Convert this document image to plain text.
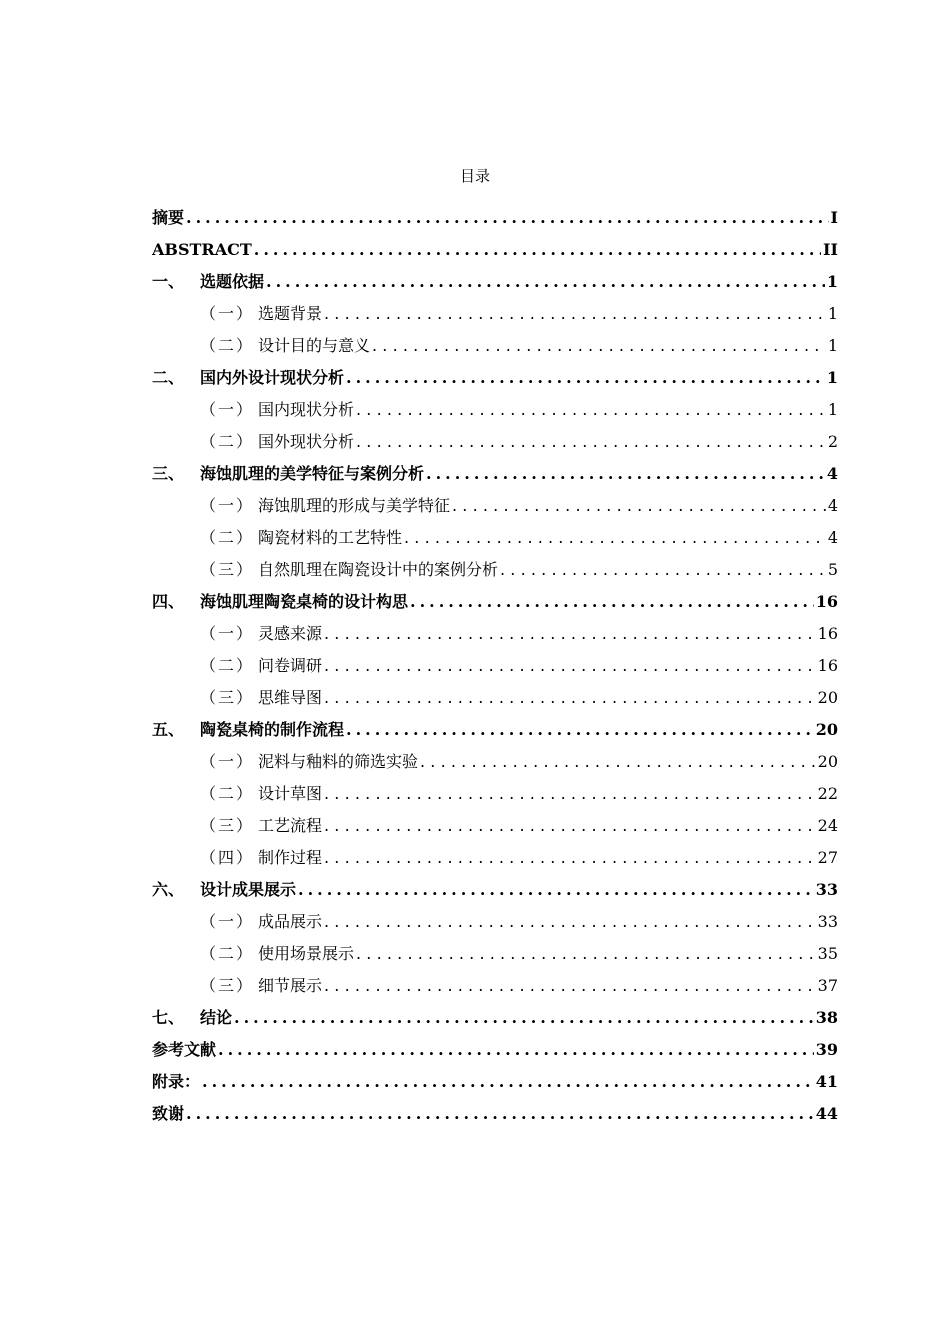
目录
摘要 .....	I
ABSTRACT .....	II
一、 选题依据 .....	1
（一） 选题背景 .....	1
（二） 设计目的与意义 .....	1
二、 国内外设计现状分析 .....	1
（一） 国内现状分析 .....	1
（二） 国外现状分析 .....	2
三、 海蚀肌理的美学特征与案例分析 .....	4
（一） 海蚀肌理的形成与美学特征 .....	4
（二） 陶瓷材料的工艺特性 .....	4
（三） 自然肌理在陶瓷设计中的案例分析 .....	5
四、 海蚀肌理陶瓷桌椅的设计构思 .....	16
（一） 灵感来源 .....	16
（二） 问卷调研 .....	16
（三） 思维导图 .....	20
五、 陶瓷桌椅的制作流程 .....	20
（一） 泥料与釉料的筛选实验 .....	20
（二） 设计草图 .....	22
（三） 工艺流程 .....	24
（四） 制作过程 .....	27
六、 设计成果展示 .....	33
（一） 成品展示 .....	33
（二） 使用场景展示 .....	35
（三） 细节展示 .....	37
七、 结论 .....	38
参考文献 .....	39
附录： .....	41
致谢 .....	44
